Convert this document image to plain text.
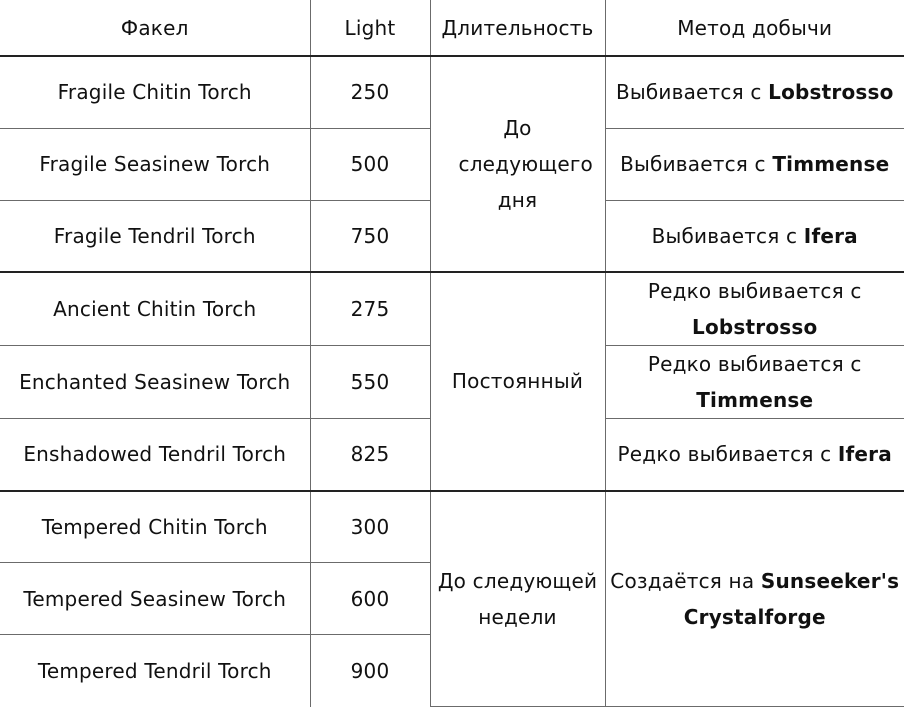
Факел	Light	Длительность	Метод добычи
Fragile Chitin Torch	250	До следующего дня	Выбивается с Lobstrosso
Fragile Seasinew Torch	500		Выбивается с Timmense
Fragile Tendril Torch	750		Выбивается с Ifera
Ancient Chitin Torch	275	Постоянный	Редко выбивается с Lobstrosso
Enchanted Seasinew Torch	550		Редко выбивается с Timmense
Enshadowed Tendril Torch	825		Редко выбивается с Ifera
Tempered Chitin Torch	300	До следующей недели	Создаётся на Sunseeker's Crystalforge
Tempered Seasinew Torch	600		
Tempered Tendril Torch	900		
